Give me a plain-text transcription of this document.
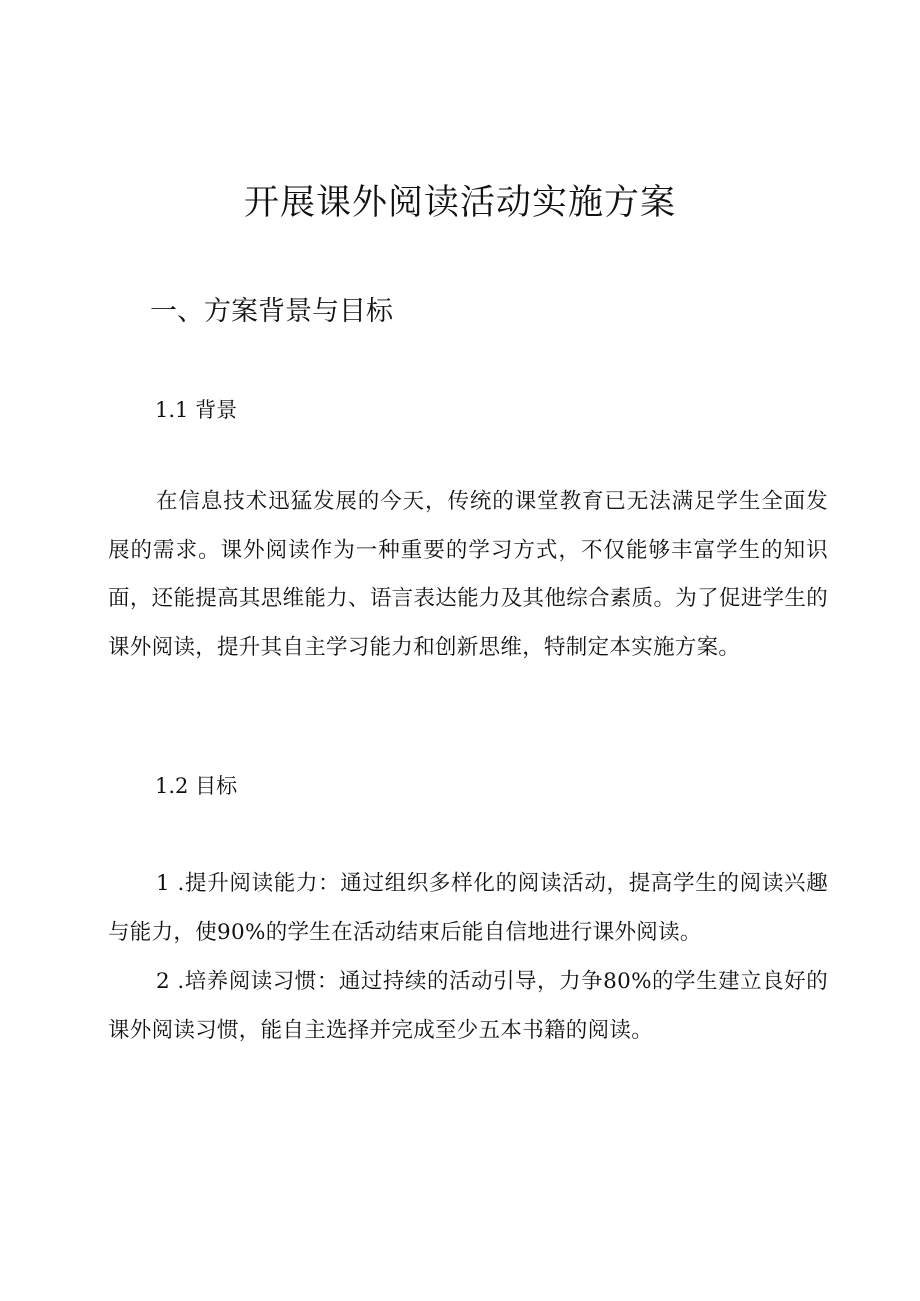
开展课外阅读活动实施方案
一、方案背景与目标
1.1 背景

在信息技术迅猛发展的今天，传统的课堂教育已无法满足学生全面发展的需求。课外阅读作为一种重要的学习方式，不仅能够丰富学生的知识面，还能提高其思维能力、语言表达能力及其他综合素质。为了促进学生的课外阅读，提升其自主学习能力和创新思维，特制定本实施方案。

1.2 目标

1 .提升阅读能力：通过组织多样化的阅读活动，提高学生的阅读兴趣与能力，使90%的学生在活动结束后能自信地进行课外阅读。

2 .培养阅读习惯：通过持续的活动引导，力争80%的学生建立良好的课外阅读习惯，能自主选择并完成至少五本书籍的阅读。
